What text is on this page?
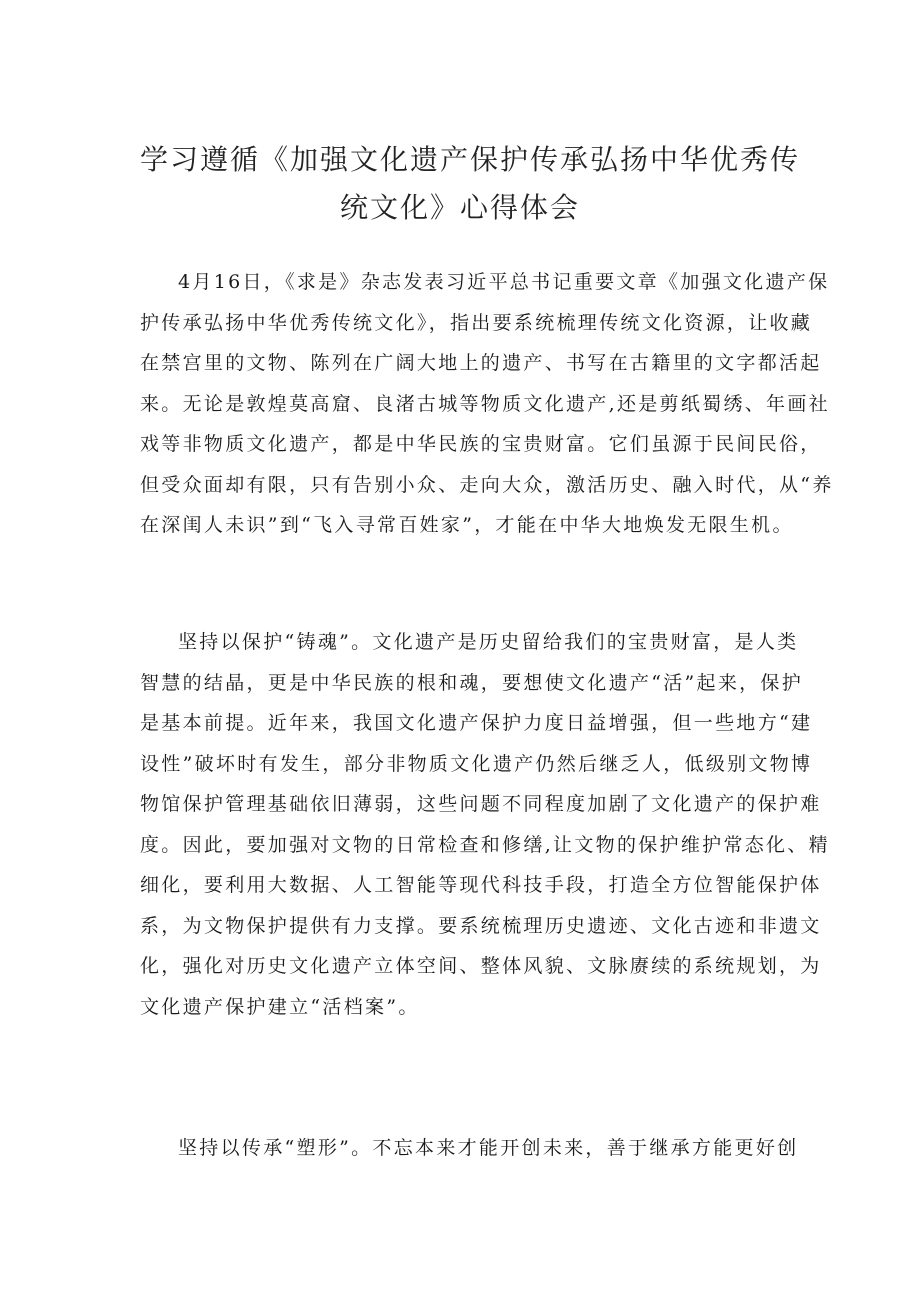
学习遵循《加强文化遗产保护传承弘扬中华优秀传
统文化》心得体会
4月16日，《求是》杂志发表习近平总书记重要文章《加强文化遗产保
护传承弘扬中华优秀传统文化》，指出要系统梳理传统文化资源，让收藏
在禁宫里的文物、陈列在广阔大地上的遗产、书写在古籍里的文字都活起
来。无论是敦煌莫高窟、良渚古城等物质文化遗产,还是剪纸蜀绣、年画社
戏等非物质文化遗产，都是中华民族的宝贵财富。它们虽源于民间民俗，
但受众面却有限，只有告别小众、走向大众，激活历史、融入时代，从“养
在深闺人未识”到“飞入寻常百姓家”，才能在中华大地焕发无限生机。
坚持以保护“铸魂”。文化遗产是历史留给我们的宝贵财富，是人类
智慧的结晶，更是中华民族的根和魂，要想使文化遗产“活”起来，保护
是基本前提。近年来，我国文化遗产保护力度日益增强，但一些地方“建
设性”破坏时有发生，部分非物质文化遗产仍然后继乏人，低级别文物博
物馆保护管理基础依旧薄弱，这些问题不同程度加剧了文化遗产的保护难
度。因此，要加强对文物的日常检查和修缮,让文物的保护维护常态化、精
细化，要利用大数据、人工智能等现代科技手段，打造全方位智能保护体
系，为文物保护提供有力支撑。要系统梳理历史遗迹、文化古迹和非遗文
化，强化对历史文化遗产立体空间、整体风貌、文脉赓续的系统规划，为
文化遗产保护建立“活档案”。
坚持以传承“塑形”。不忘本来才能开创未来，善于继承方能更好创
